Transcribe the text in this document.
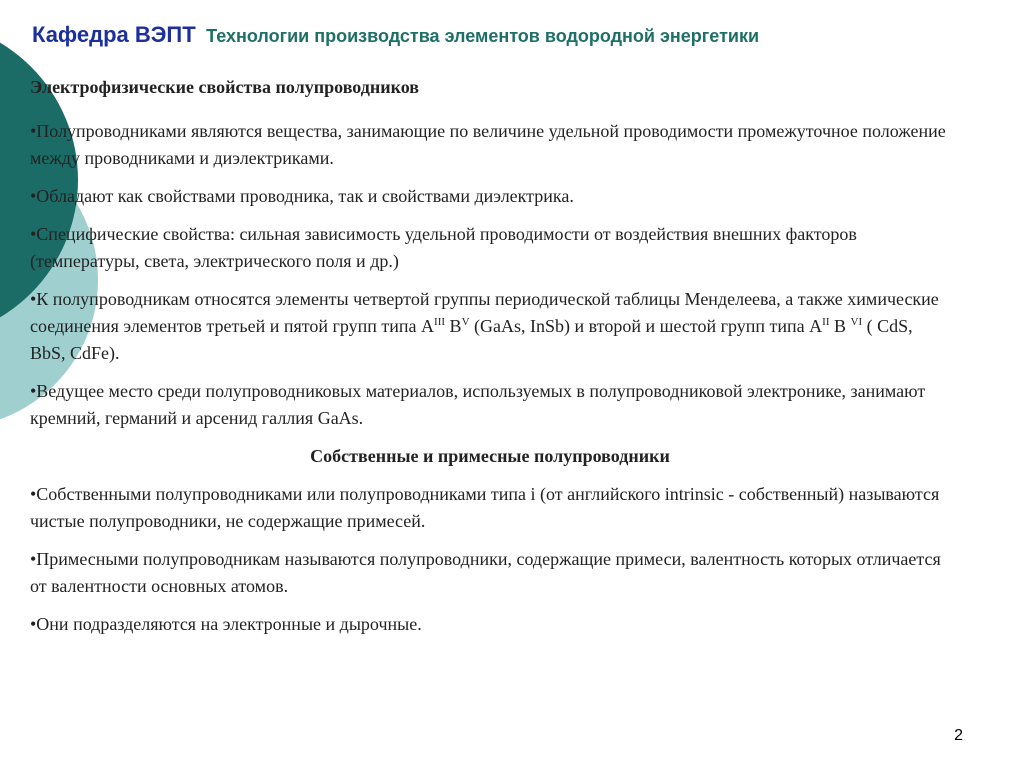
Кафедра ВЭПТ Технологии производства элементов водородной энергетики
Электрофизические свойства полупроводников
•Полупроводниками являются вещества, занимающие по величине удельной проводимости промежуточное положение между проводниками и диэлектриками.
•Обладают как свойствами проводника, так и свойствами диэлектрика.
•Специфические свойства: сильная зависимость удельной проводимости от воздействия внешних факторов (температуры, света, электрического поля и др.)
•К полупроводникам относятся элементы четвертой группы периодической таблицы Менделеева, а также химические соединения элементов третьей и пятой групп типа $A^{III}$ $B^V$ (GaAs, InSb) и второй и шестой групп типа $A^{II}$ B $^{VI}$ ( CdS, BbS, CdFe).
•Ведущее место среди полупроводниковых материалов, используемых в полупроводниковой электронике, занимают кремний, германий и арсенид галлия GaAs.
Собственные и примесные полупроводники
•Собственными полупроводниками или полупроводниками типа i (от английского intrinsic - собственный) называются чистые полупроводники, не содержащие примесей.
•Примесными полупроводникам называются полупроводники, содержащие примеси, валентность которых отличается от валентности основных атомов.
•Они подразделяются на электронные и дырочные.
2
